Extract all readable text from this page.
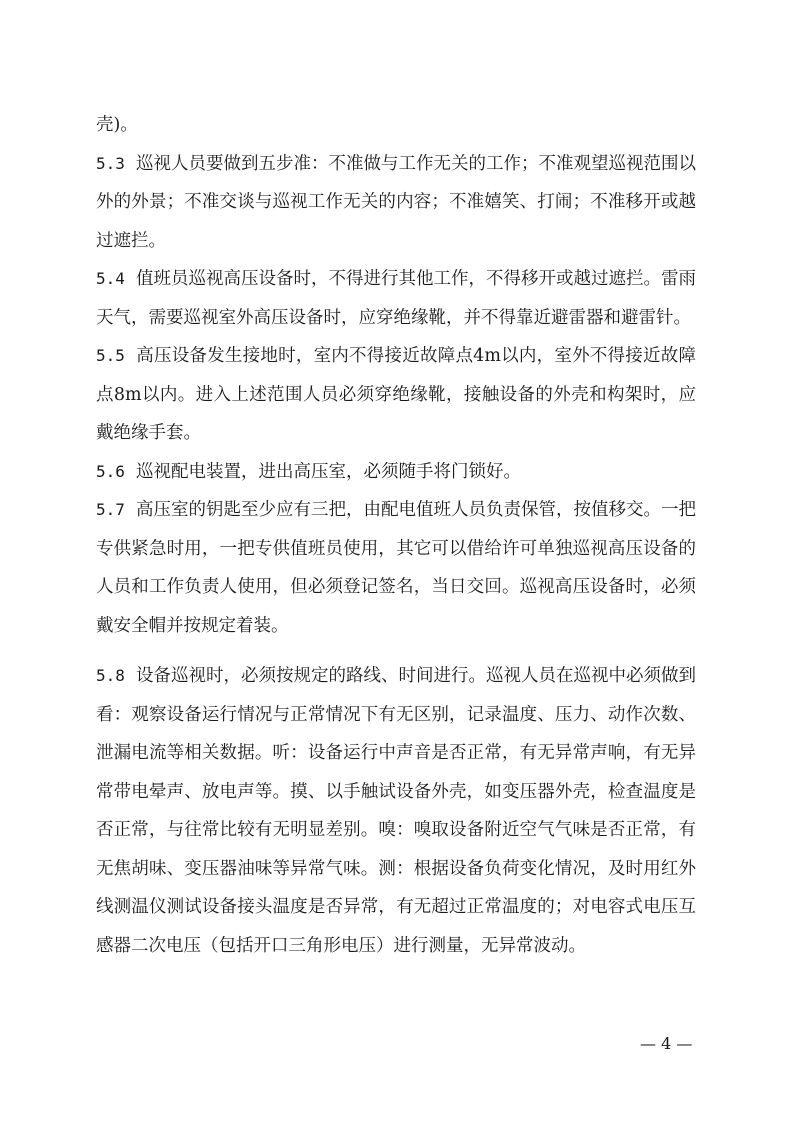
壳)。

5.3 巡视人员要做到五步准：不准做与工作无关的工作；不准观望巡视范围以外的外景；不准交谈与巡视工作无关的内容；不准嬉笑、打闹；不准移开或越过遮拦。

5.4 值班员巡视高压设备时，不得进行其他工作，不得移开或越过遮拦。雷雨天气，需要巡视室外高压设备时，应穿绝缘靴，并不得靠近避雷器和避雷针。

5.5 高压设备发生接地时，室内不得接近故障点4m以内，室外不得接近故障点8m以内。进入上述范围人员必须穿绝缘靴，接触设备的外壳和构架时，应戴绝缘手套。

5.6 巡视配电装置，进出高压室，必须随手将门锁好。

5.7 高压室的钥匙至少应有三把，由配电值班人员负责保管，按值移交。一把专供紧急时用，一把专供值班员使用，其它可以借给许可单独巡视高压设备的人员和工作负责人使用，但必须登记签名，当日交回。巡视高压设备时，必须戴安全帽并按规定着装。

5.8 设备巡视时，必须按规定的路线、时间进行。巡视人员在巡视中必须做到看：观察设备运行情况与正常情况下有无区别，记录温度、压力、动作次数、泄漏电流等相关数据。听：设备运行中声音是否正常，有无异常声响，有无异常带电晕声、放电声等。摸、以手触试设备外壳，如变压器外壳，检查温度是否正常，与往常比较有无明显差别。嗅：嗅取设备附近空气气味是否正常，有无焦胡味、变压器油味等异常气味。测：根据设备负荷变化情况，及时用红外线测温仪测试设备接头温度是否异常，有无超过正常温度的；对电容式电压互感器二次电压（包括开口三角形电压）进行测量，无异常波动。

— 4 —
